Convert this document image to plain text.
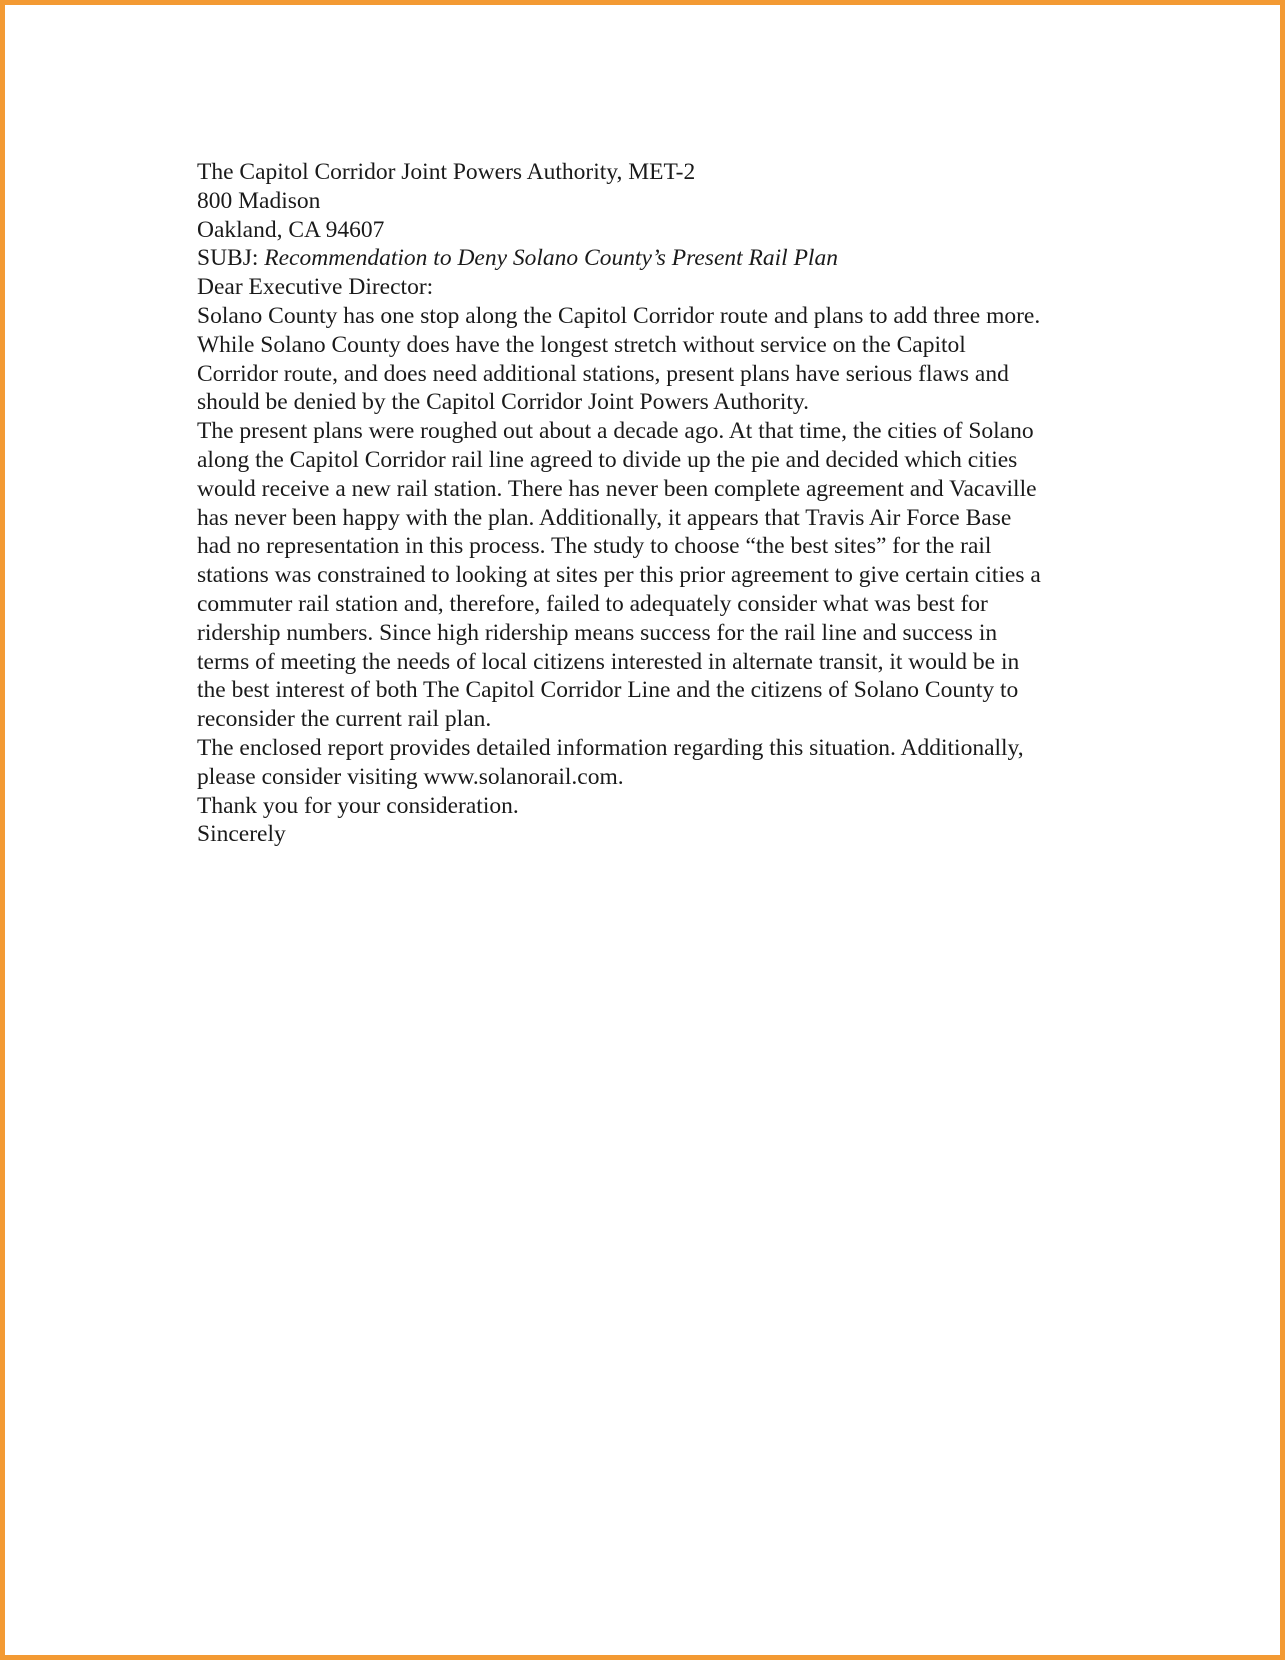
The Capitol Corridor Joint Powers Authority, MET-2
800 Madison
Oakland, CA 94607

SUBJ: Recommendation to Deny Solano County’s Present Rail Plan

Dear Executive Director:

Solano County has one stop along the Capitol Corridor route and plans to add three more.
While Solano County does have the longest stretch without service on the Capitol
Corridor route, and does need additional stations, present plans have serious flaws and
should be denied by the Capitol Corridor Joint Powers Authority.

The present plans were roughed out about a decade ago. At that time, the cities of Solano
along the Capitol Corridor rail line agreed to divide up the pie and decided which cities
would receive a new rail station. There has never been complete agreement and Vacaville
has never been happy with the plan. Additionally, it appears that Travis Air Force Base
had no representation in this process. The study to choose “the best sites” for the rail
stations was constrained to looking at sites per this prior agreement to give certain cities a
commuter rail station and, therefore, failed to adequately consider what was best for
ridership numbers. Since high ridership means success for the rail line and success in
terms of meeting the needs of local citizens interested in alternate transit, it would be in
the best interest of both The Capitol Corridor Line and the citizens of Solano County to
reconsider the current rail plan.

The enclosed report provides detailed information regarding this situation. Additionally,
please consider visiting www.solanorail.com.

Thank you for your consideration.

Sincerely
